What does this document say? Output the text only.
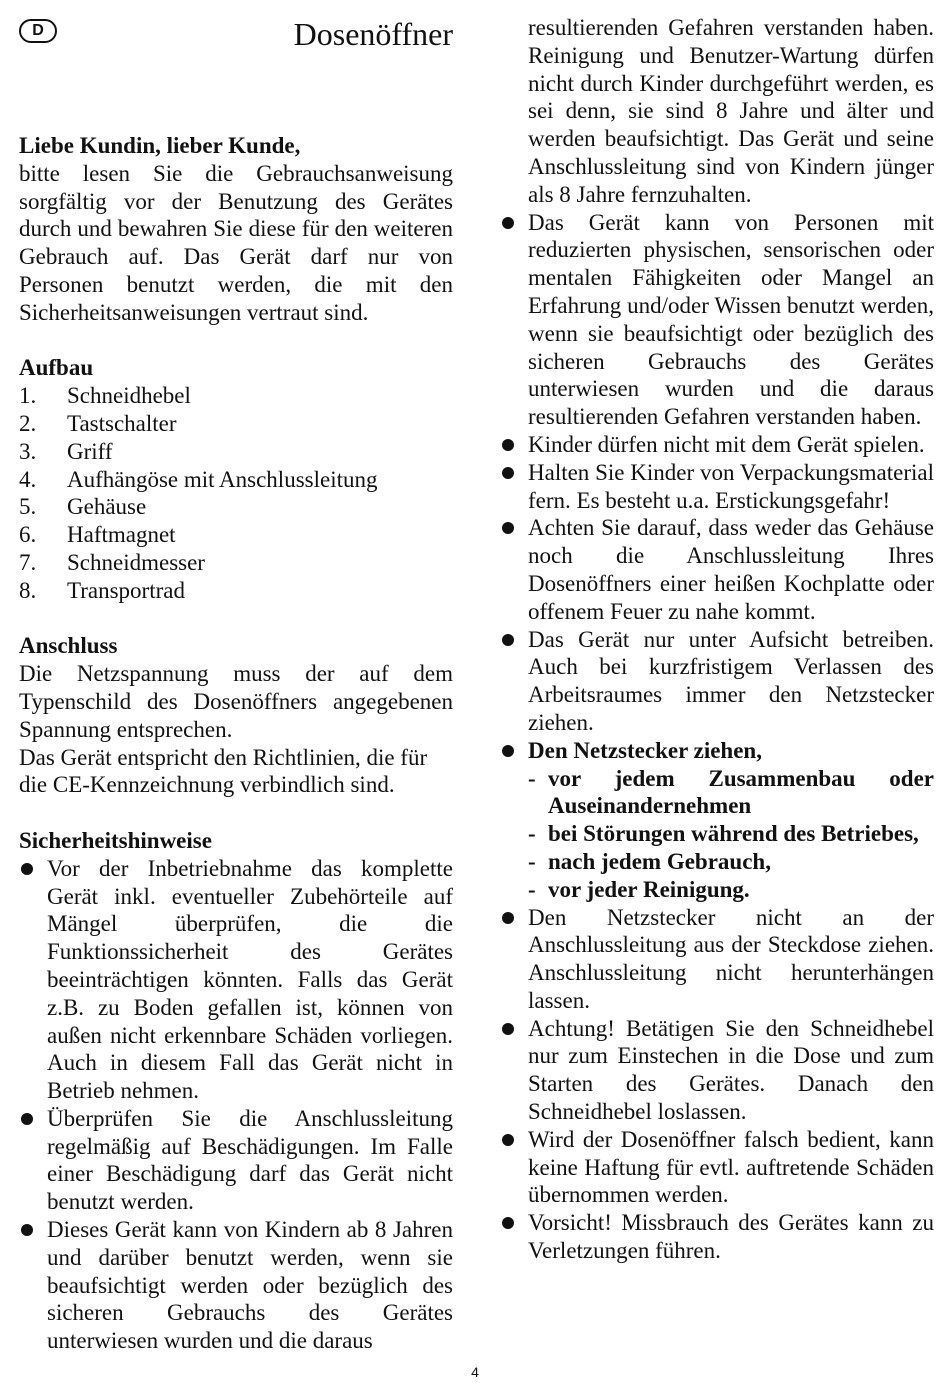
D	Dosenöffner

Liebe Kundin, lieber Kunde,

bitte lesen Sie die Gebrauchsanweisung sorgfältig vor der Benutzung des Gerätes durch und bewahren Sie diese für den weiteren Gebrauch auf. Das Gerät darf nur von Personen benutzt werden, die mit den Sicherheitsanweisungen vertraut sind.

Aufbau

1.	Schneidhebel
2.	Tastschalter
3.	Griff
4.	Aufhängöse mit Anschlussleitung
5.	Gehäuse
6.	Haftmagnet
7.	Schneidmesser
8.	Transportrad

Anschluss

Die Netzspannung muss der auf dem Typenschild des Dosenöffners angegebenen Spannung entsprechen.

Das Gerät entspricht den Richtlinien, die für die CE-Kennzeichnung verbindlich sind.

Sicherheitshinweise

Vor der Inbetriebnahme das komplette Gerät inkl. eventueller Zubehörteile auf Mängel überprüfen, die die Funktionssicherheit des Gerätes beeinträchtigen könnten. Falls das Gerät z.B. zu Boden gefallen ist, können von außen nicht erkennbare Schäden vorliegen. Auch in diesem Fall das Gerät nicht in Betrieb nehmen.
Überprüfen Sie die Anschlussleitung regelmäßig auf Beschädigungen. Im Falle einer Beschädigung darf das Gerät nicht benutzt werden.
Dieses Gerät kann von Kindern ab 8 Jahren und darüber benutzt werden, wenn sie beaufsichtigt werden oder bezüglich des sicheren Gebrauchs des Gerätes unterwiesen wurden und die daraus

resultierenden Gefahren verstanden haben. Reinigung und Benutzer-Wartung dürfen nicht durch Kinder durchgeführt werden, es sei denn, sie sind 8 Jahre und älter und werden beaufsichtigt. Das Gerät und seine Anschlussleitung sind von Kindern jünger als 8 Jahre fernzuhalten.

Das Gerät kann von Personen mit reduzierten physischen, sensorischen oder mentalen Fähigkeiten oder Mangel an Erfahrung und/oder Wissen benutzt werden, wenn sie beaufsichtigt oder bezüglich des sicheren Gebrauchs des Gerätes unterwiesen wurden und die daraus resultierenden Gefahren verstanden haben.
Kinder dürfen nicht mit dem Gerät spielen.
Halten Sie Kinder von Verpackungsmaterial fern. Es besteht u.a. Erstickungsgefahr!
Achten Sie darauf, dass weder das Gehäuse noch die Anschlussleitung Ihres Dosenöffners einer heißen Kochplatte oder offenem Feuer zu nahe kommt.
Das Gerät nur unter Aufsicht betreiben. Auch bei kurzfristigem Verlassen des Arbeitsraumes immer den Netzstecker ziehen.
Den Netzstecker ziehen,
- vor jedem Zusammenbau oder Auseinandernehmen
- bei Störungen während des Betriebes,
- nach jedem Gebrauch,
- vor jeder Reinigung.
Den Netzstecker nicht an der Anschlussleitung aus der Steckdose ziehen. Anschlussleitung nicht herunterhängen lassen.
Achtung! Betätigen Sie den Schneidhebel nur zum Einstechen in die Dose und zum Starten des Gerätes. Danach den Schneidhebel loslassen.
Wird der Dosenöffner falsch bedient, kann keine Haftung für evtl. auftretende Schäden übernommen werden.
Vorsicht! Missbrauch des Gerätes kann zu Verletzungen führen.
4
